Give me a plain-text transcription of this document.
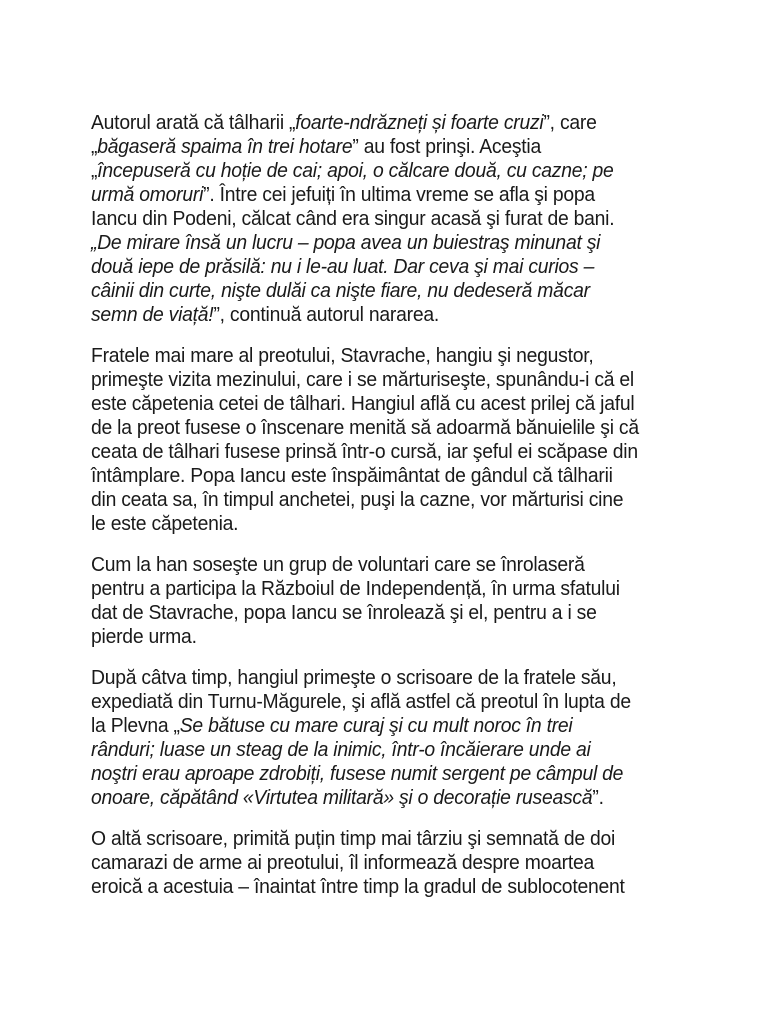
Autorul arată că tâlharii „foarte-ndrăzneți și foarte cruzi”, care
„băgaseră spaima în trei hotare” au fost prinşi. Aceştia
„începuseră cu hoție de cai; apoi, o călcare două, cu cazne; pe
urmă omoruri”. Între cei jefuiți în ultima vreme se afla şi popa
Iancu din Podeni, călcat când era singur acasă şi furat de bani.
„De mirare însă un lucru – popa avea un buiestraş minunat şi
două iepe de prăsilă: nu i le-au luat. Dar ceva şi mai curios –
câinii din curte, nişte dulăi ca nişte fiare, nu dedeseră măcar
semn de viață!”, continuă autorul nararea.

Fratele mai mare al preotului, Stavrache, hangiu şi negustor,
primeşte vizita mezinului, care i se mărturiseşte, spunându-i că el
este căpetenia cetei de tâlhari. Hangiul află cu acest prilej că jaful
de la preot fusese o înscenare menită să adoarmă bănuielile şi că
ceata de tâlhari fusese prinsă într-o cursă, iar şeful ei scăpase din
întâmplare. Popa Iancu este înspăimântat de gândul că tâlharii
din ceata sa, în timpul anchetei, puşi la cazne, vor mărturisi cine
le este căpetenia.

Cum la han soseşte un grup de voluntari care se înrolaseră
pentru a participa la Războiul de Independență, în urma sfatului
dat de Stavrache, popa Iancu se înrolează şi el, pentru a i se
pierde urma.

După câtva timp, hangiul primeşte o scrisoare de la fratele său,
expediată din Turnu-Măgurele, şi află astfel că preotul în lupta de
la Plevna „Se bătuse cu mare curaj şi cu mult noroc în trei
rânduri; luase un steag de la inimic, într-o încăierare unde ai
noştri erau aproape zdrobiți, fusese numit sergent pe câmpul de
onoare, căpătând «Virtutea militară» şi o decorație rusească”.

O altă scrisoare, primită puțin timp mai târziu şi semnată de doi
camarazi de arme ai preotului, îl informează despre moartea
eroică a acestuia – înaintat între timp la gradul de sublocotenent
